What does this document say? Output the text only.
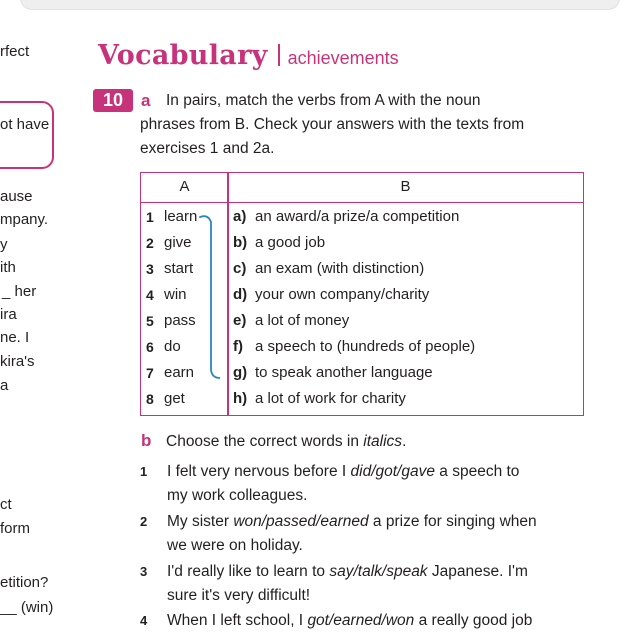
rfect
ot have
ause
mpany.
y
ith
_ her
ira
ne. I
kira's
a
ct
form
etition?
__ (win)
Vocabulary achievements
10	a In pairs, match the verbs from A with the noun
phrases from B. Check your answers with the texts from
exercises 1 and 2a.
A	B
1 learn a) an award/a prize/a competition
2 give	b) a good job
3 start	c) an exam (with distinction)
4 win	d) your own company/charity
5 pass e) a lot of money
6 do	f) a speech to (hundreds of people)
7 earn	g) to speak another language
8 get	h) a lot of work for charity
b Choose the correct words in italics.
1	I felt very nervous before I did/got/gave a speech to
my work colleagues.
2	My sister won/passed/earned a prize for singing when
we were on holiday.
3	I'd really like to learn to say/talk/speak Japanese. I'm
sure it's very difficult!
4	When I left school, I got/earned/won a really good job
